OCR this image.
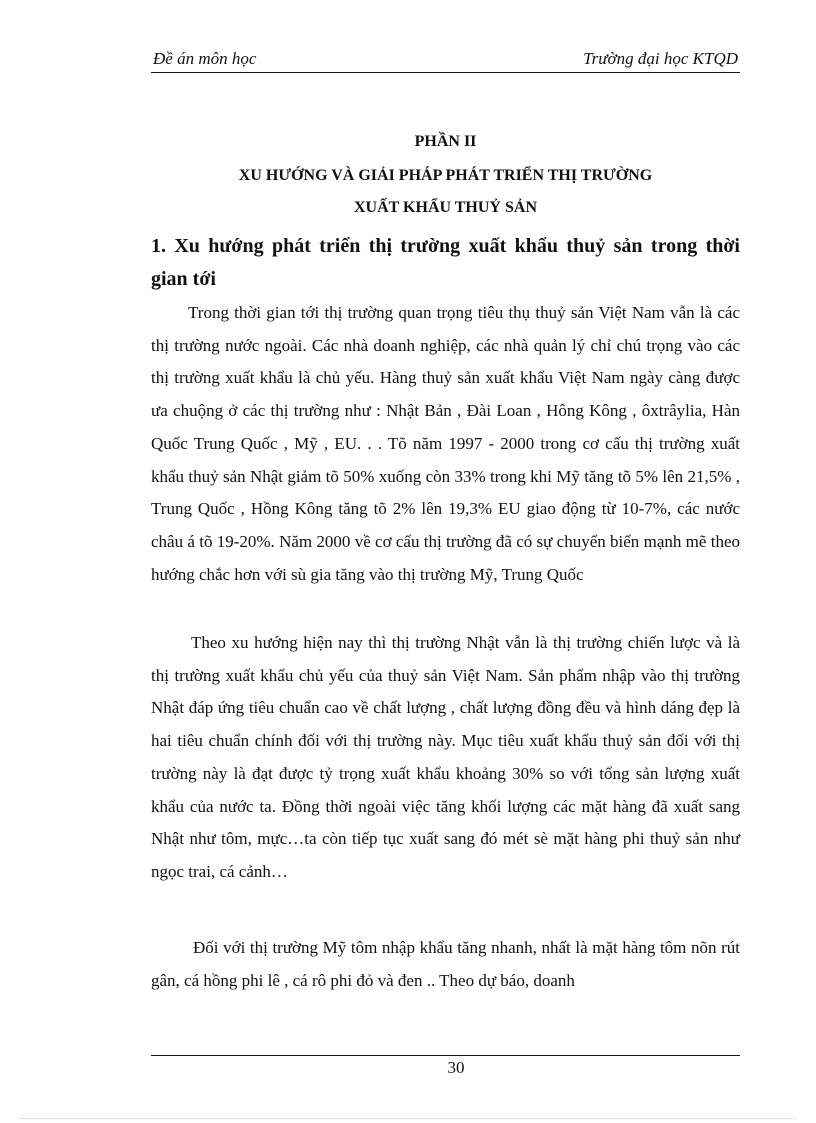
Đề án môn học	Trường đại học KTQD
PHẦN II
XU HƯỚNG VÀ GIẢI PHÁP PHÁT TRIỂN THỊ TRƯỜNG
XUẤT KHẨU THUỶ SẢN
1. Xu hướng phát triển thị trường xuất khẩu thuỷ sản trong thời gian tới
Trong thời gian tới thị trường quan trọng tiêu thụ thuỷ sản Việt Nam vẫn là các thị trường nước ngoài. Các nhà doanh nghiệp, các nhà quản lý chỉ chú trọng vào các thị trường xuất khẩu là chủ yếu. Hàng thuỷ sản xuất khẩu Việt Nam ngày càng được ưa chuộng ở các thị trường như : Nhật Bản , Đài Loan , Hông Kông , ôxtrâylia, Hàn Quốc Trung Quốc , Mỹ , EU. . . Tõ năm 1997 - 2000 trong cơ cấu thị trường xuất khẩu thuỷ sản Nhật giảm tõ 50% xuống còn 33% trong khi Mỹ tăng tõ 5% lên 21,5% , Trung Quốc , Hồng Kông tăng tõ 2% lên 19,3% EU giao động từ 10-7%, các nước châu á tõ 19-20%. Năm 2000 về cơ cấu thị trường đã có sự chuyển biến mạnh mẽ theo hướng chắc hơn với sù gia tăng vào thị trường Mỹ, Trung Quốc
Theo xu hướng hiện nay thì thị trường Nhật vẫn là thị trường chiến lược và là thị trường xuất khẩu chủ yếu của thuỷ sản Việt Nam. Sản phẩm nhập vào thị trường Nhật đáp ứng tiêu chuẩn cao về chất lượng , chất lượng đồng đều và hình dáng đẹp là hai tiêu chuẩn chính đối với thị trường này. Mục tiêu xuất khẩu thuỷ sản đối với thị trường này là đạt được tỷ trọng xuất khẩu khoảng 30% so với tổng sản lượng xuất khẩu của nước ta. Đồng thời ngoài việc tăng khối lượng các mặt hàng đã xuất sang Nhật như tôm, mực…ta còn tiếp tục xuất sang đó mét sè mặt hàng phi thuỷ sản như ngọc trai, cá cảnh…
Đối với thị trường Mỹ tôm nhập khẩu tăng nhanh, nhất là mặt hàng tôm nõn rút gân, cá hồng phi lê , cá rô phi đỏ và đen .. Theo dự báo, doanh
30
